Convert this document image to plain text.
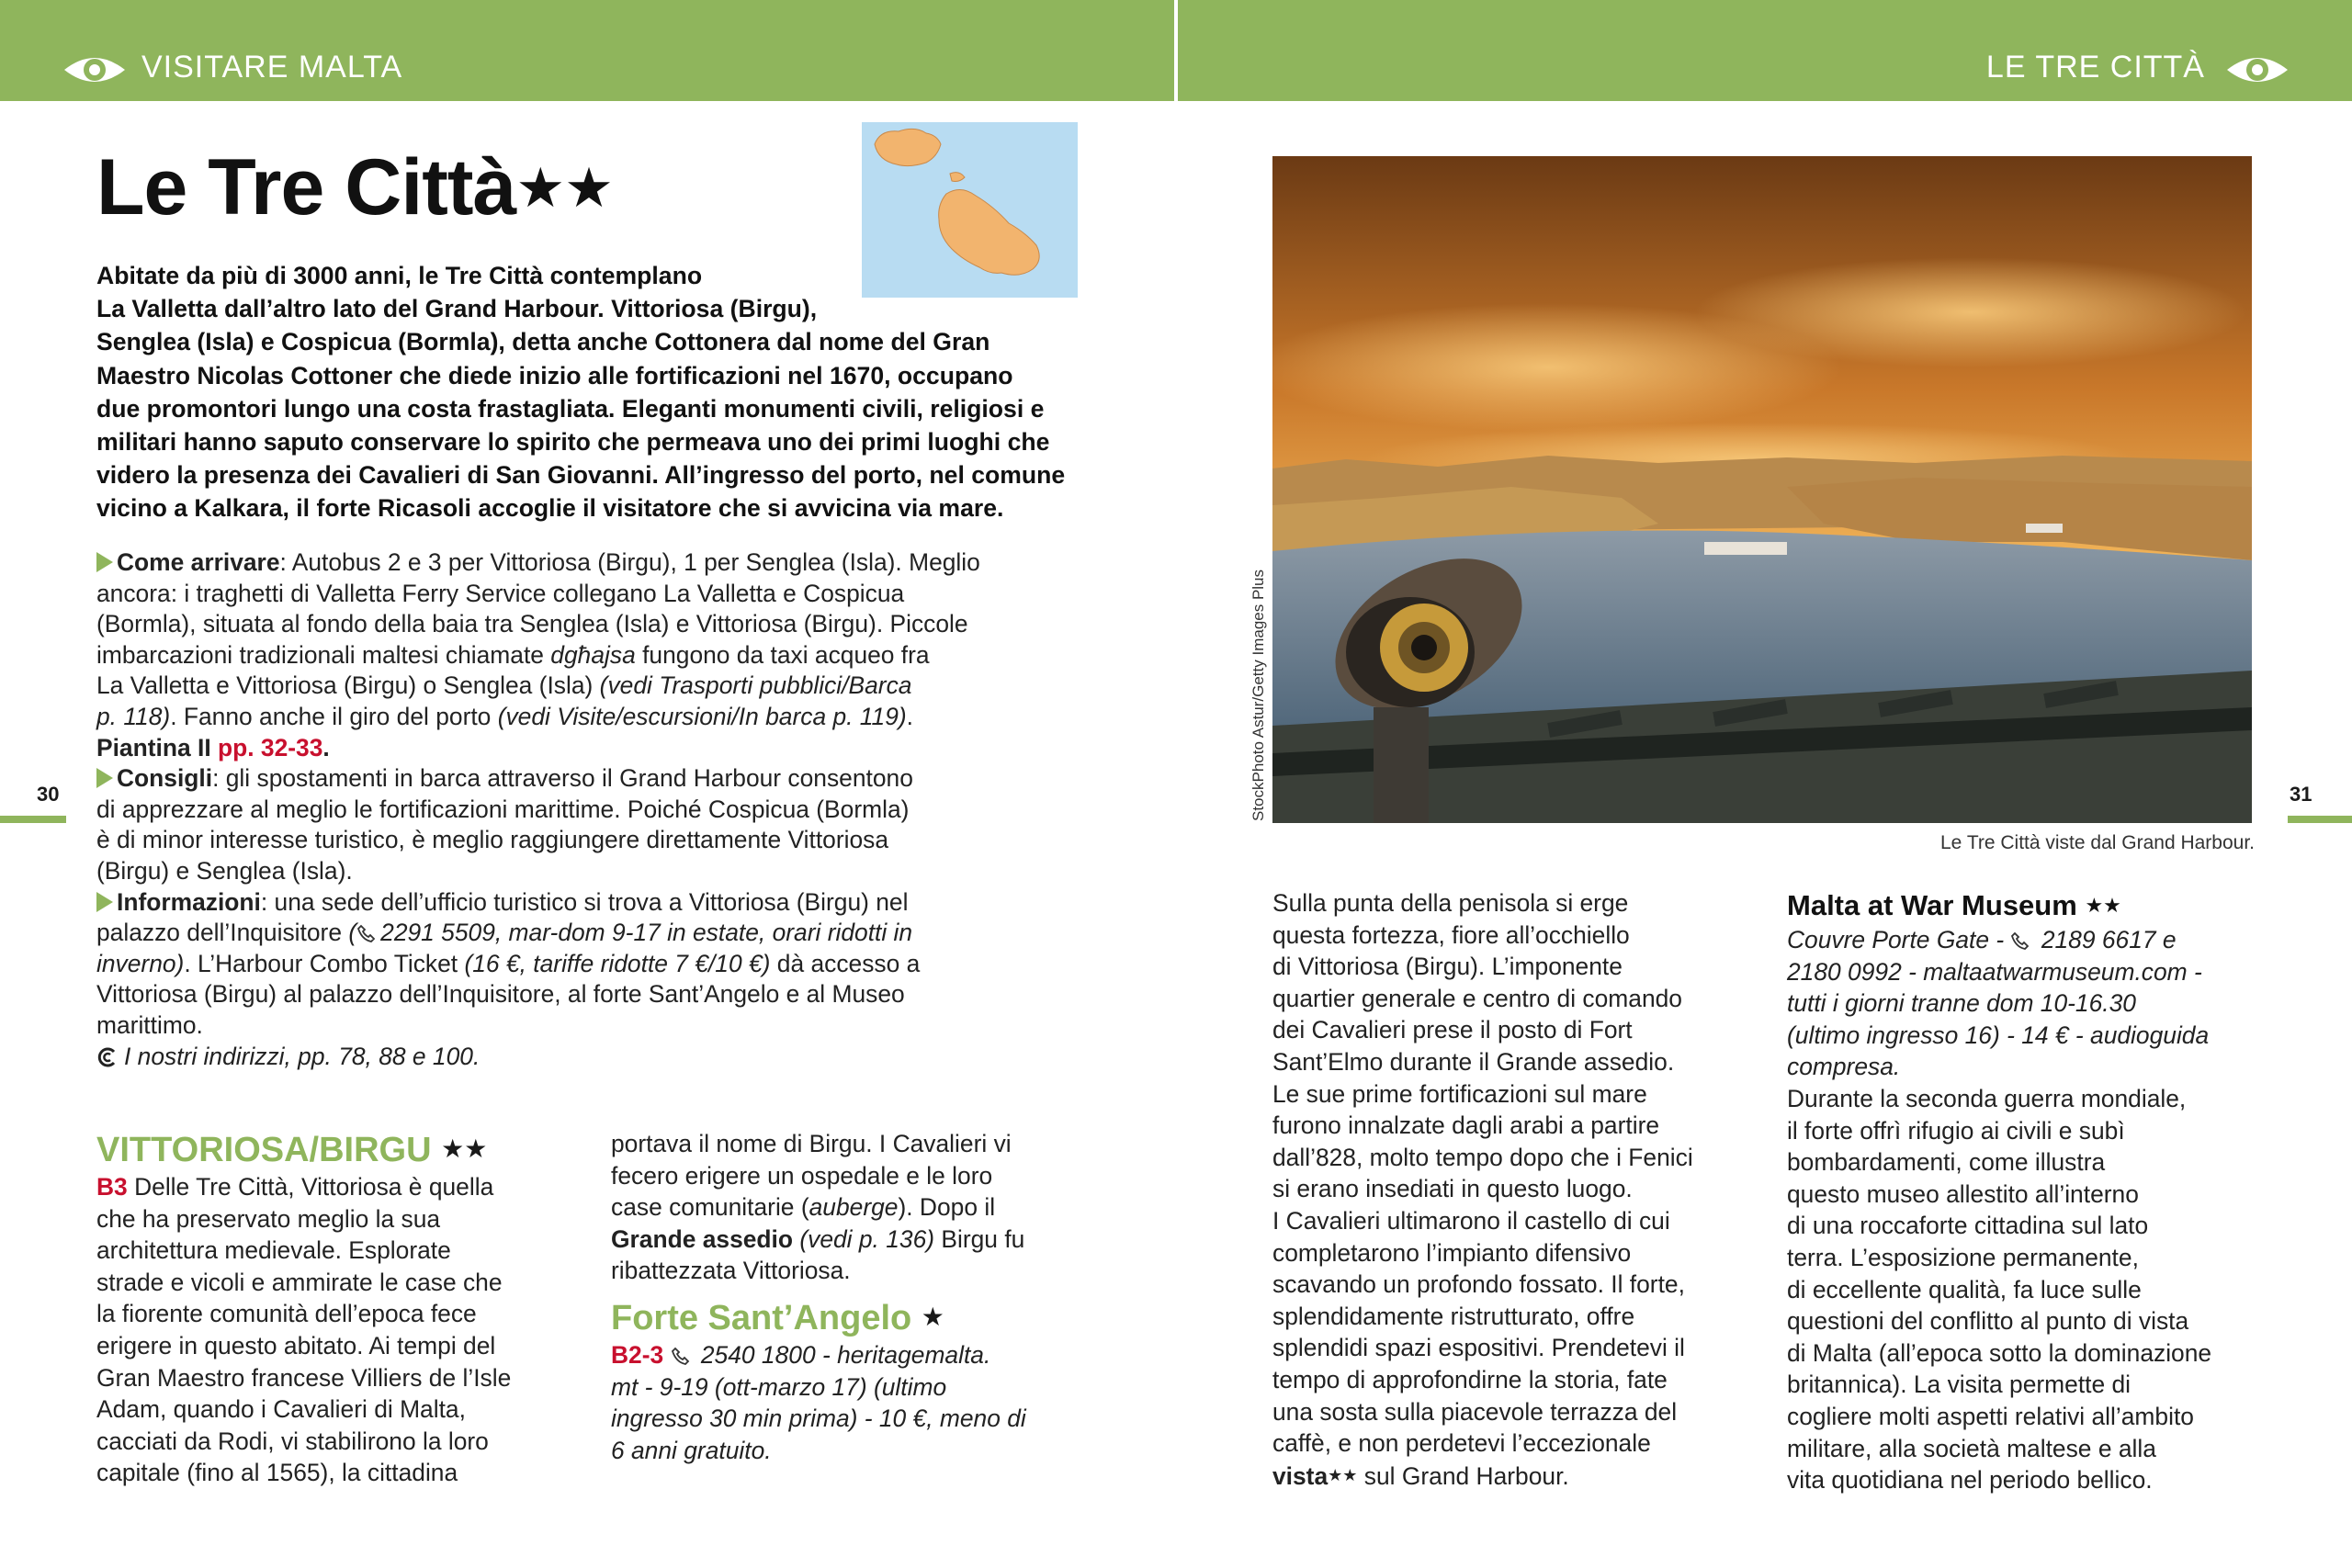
VISITARE MALTA	LE TRE CITTÀ
30	31
Le Tre Città★★
Abitate da più di 3000 anni, le Tre Città contemplano
La Valletta dall’altro lato del Grand Harbour. Vittoriosa (Birgu),
Senglea (Isla) e Cospicua (Bormla), detta anche Cottonera dal nome del Gran
Maestro Nicolas Cottoner che diede inizio alle fortificazioni nel 1670, occupano
due promontori lungo una costa frastagliata. Eleganti monumenti civili, religiosi e
militari hanno saputo conservare lo spirito che permeava uno dei primi luoghi che
videro la presenza dei Cavalieri di San Giovanni. All’ingresso del porto, nel comune
vicino a Kalkara, il forte Ricasoli accoglie il visitatore che si avvicina via mare.

Come arrivare: Autobus 2 e 3 per Vittoriosa (Birgu), 1 per Senglea (Isla). Meglio
ancora: i traghetti di Valletta Ferry Service collegano La Valletta e Cospicua
(Bormla), situata al fondo della baia tra Senglea (Isla) e Vittoriosa (Birgu). Piccole
imbarcazioni tradizionali maltesi chiamate dgħajsa fungono da taxi acqueo fra
La Valletta e Vittoriosa (Birgu) o Senglea (Isla) (vedi Trasporti pubblici/Barca
p. 118). Fanno anche il giro del porto (vedi Visite/escursioni/In barca p. 119).

Piantina II pp. 32-33.

Consigli: gli spostamenti in barca attraverso il Grand Harbour consentono
di apprezzare al meglio le fortificazioni marittime. Poiché Cospicua (Bormla)
è di minor interesse turistico, è meglio raggiungere direttamente Vittoriosa
(Birgu) e Senglea (Isla).

Informazioni: una sede dell’ufficio turistico si trova a Vittoriosa (Birgu) nel
palazzo dell’Inquisitore ( 2291 5509, mar-dom 9-17 in estate, orari ridotti in
inverno). L’Harbour Combo Ticket (16 €, tariffe ridotte 7 €/10 €) dà accesso a
Vittoriosa (Birgu) al palazzo dell’Inquisitore, al forte Sant’Angelo e al Museo
marittimo.

I nostri indirizzi, pp. 78, 88 e 100.

VITTORIOSA/BIRGU ★★
B3 Delle Tre Città, Vittoriosa è quella
che ha preservato meglio la sua
architettura medievale. Esplorate
strade e vicoli e ammirate le case che
la fiorente comunità dell’epoca fece
erigere in questo abitato. Ai tempi del
Gran Maestro francese Villiers de l’Isle
Adam, quando i Cavalieri di Malta,
cacciati da Rodi, vi stabilirono la loro
capitale (fino al 1565), la cittadina
portava il nome di Birgu. I Cavalieri vi
fecero erigere un ospedale e le loro
case comunitarie (auberge). Dopo il
Grande assedio (vedi p. 136) Birgu fu
ribattezzata Vittoriosa.
Forte Sant’Angelo ★
B2-3  2540 1800 - heritagemalta.
mt - 9-19 (ott-marzo 17) (ultimo
ingresso 30 min prima) - 10 €, meno di
6 anni gratuito.
StockPhoto Astur/Getty Images Plus
Le Tre Città viste dal Grand Harbour.
Sulla punta della penisola si erge
questa fortezza, fiore all’occhiello
di Vittoriosa (Birgu). L’imponente
quartier generale e centro di comando
dei Cavalieri prese il posto di Fort
Sant’Elmo durante il Grande assedio.
Le sue prime fortificazioni sul mare
furono innalzate dagli arabi a partire
dall’828, molto tempo dopo che i Fenici
si erano insediati in questo luogo.
I Cavalieri ultimarono il castello di cui
completarono l’impianto difensivo
scavando un profondo fossato. Il forte,
splendidamente ristrutturato, offre
splendidi spazi espositivi. Prendetevi il
tempo di approfondirne la storia, fate
una sosta sulla piacevole terrazza del
caffè, e non perdetevi l’eccezionale
vista★★ sul Grand Harbour.
Malta at War Museum ★★
Couvre Porte Gate -  2189 6617 e
2180 0992 - maltaatwarmuseum.com -
tutti i giorni tranne dom 10-16.30
(ultimo ingresso 16) - 14 € - audioguida
compresa.
Durante la seconda guerra mondiale,
il forte offrì rifugio ai civili e subì
bombardamenti, come illustra
questo museo allestito all’interno
di una roccaforte cittadina sul lato
terra. L’esposizione permanente,
di eccellente qualità, fa luce sulle
questioni del conflitto al punto di vista
di Malta (all’epoca sotto la dominazione
britannica). La visita permette di
cogliere molti aspetti relativi all’ambito
militare, alla società maltese e alla
vita quotidiana nel periodo bellico.
